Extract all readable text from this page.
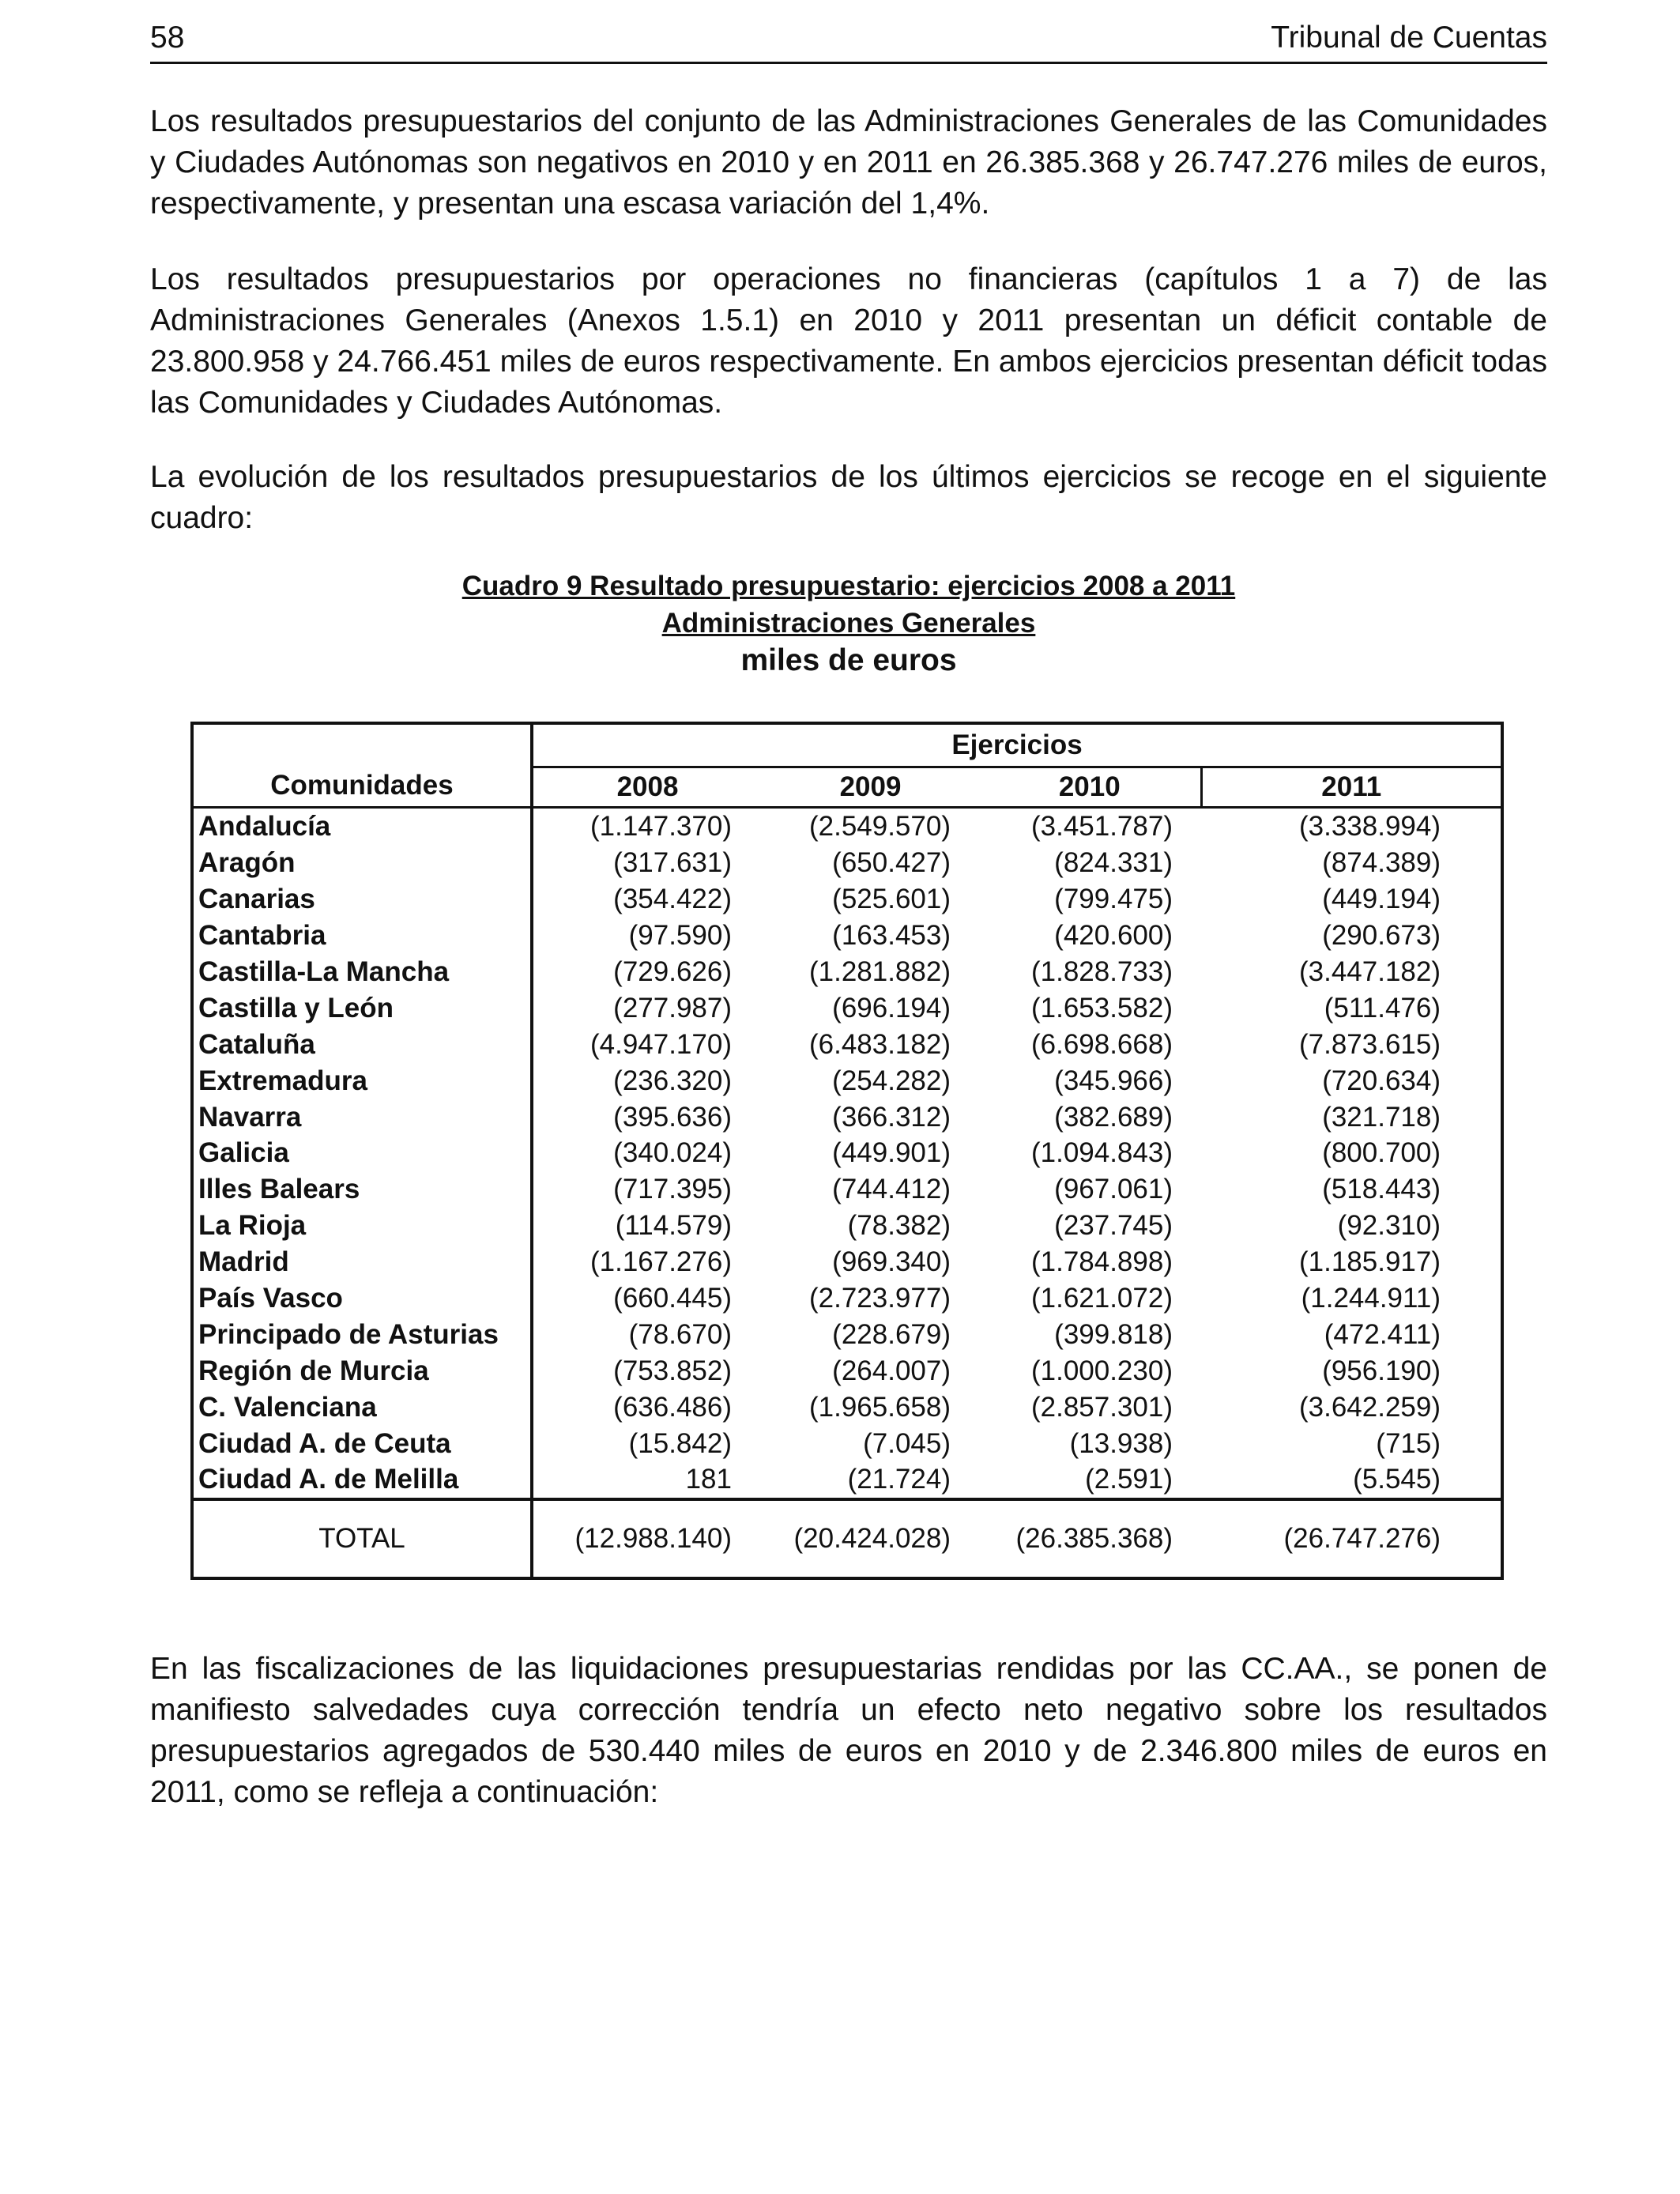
58	Tribunal de Cuentas

Los resultados presupuestarios del conjunto de las Administraciones Generales de las Comunidades y Ciudades Autónomas son negativos en 2010 y en 2011 en 26.385.368 y 26.747.276 miles de euros, respectivamente, y presentan una escasa variación del 1,4%.

Los resultados presupuestarios por operaciones no financieras (capítulos 1 a 7) de las Administraciones Generales (Anexos 1.5.1) en 2010 y 2011 presentan un déficit contable de 23.800.958 y 24.766.451 miles de euros respectivamente. En ambos ejercicios presentan déficit todas las Comunidades y Ciudades Autónomas.

La evolución de los resultados presupuestarios de los últimos ejercicios se recoge en el siguiente cuadro:

Cuadro 9 Resultado presupuestario: ejercicios 2008 a 2011
Administraciones Generales
miles de euros
Comunidades	Ejercicios			
	2008	2009	2010	2011
Andalucía	(1.147.370)	(2.549.570)	(3.451.787)	(3.338.994)
Aragón	(317.631)	(650.427)	(824.331)	(874.389)
Canarias	(354.422)	(525.601)	(799.475)	(449.194)
Cantabria	(97.590)	(163.453)	(420.600)	(290.673)
Castilla-La Mancha	(729.626)	(1.281.882)	(1.828.733)	(3.447.182)
Castilla y León	(277.987)	(696.194)	(1.653.582)	(511.476)
Cataluña	(4.947.170)	(6.483.182)	(6.698.668)	(7.873.615)
Extremadura	(236.320)	(254.282)	(345.966)	(720.634)
Navarra	(395.636)	(366.312)	(382.689)	(321.718)
Galicia	(340.024)	(449.901)	(1.094.843)	(800.700)
Illes Balears	(717.395)	(744.412)	(967.061)	(518.443)
La Rioja	(114.579)	(78.382)	(237.745)	(92.310)
Madrid	(1.167.276)	(969.340)	(1.784.898)	(1.185.917)
País Vasco	(660.445)	(2.723.977)	(1.621.072)	(1.244.911)
Principado de Asturias	(78.670)	(228.679)	(399.818)	(472.411)
Región de Murcia	(753.852)	(264.007)	(1.000.230)	(956.190)
C. Valenciana	(636.486)	(1.965.658)	(2.857.301)	(3.642.259)
Ciudad A. de Ceuta	(15.842)	(7.045)	(13.938)	(715)
Ciudad A. de Melilla	181	(21.724)	(2.591)	(5.545)
TOTAL	(12.988.140)	(20.424.028)	(26.385.368)	(26.747.276)

En las fiscalizaciones de las liquidaciones presupuestarias rendidas por las CC.AA., se ponen de manifiesto salvedades cuya corrección tendría un efecto neto negativo sobre los resultados presupuestarios agregados de 530.440 miles de euros en 2010 y de 2.346.800 miles de euros en 2011, como se refleja a continuación:
